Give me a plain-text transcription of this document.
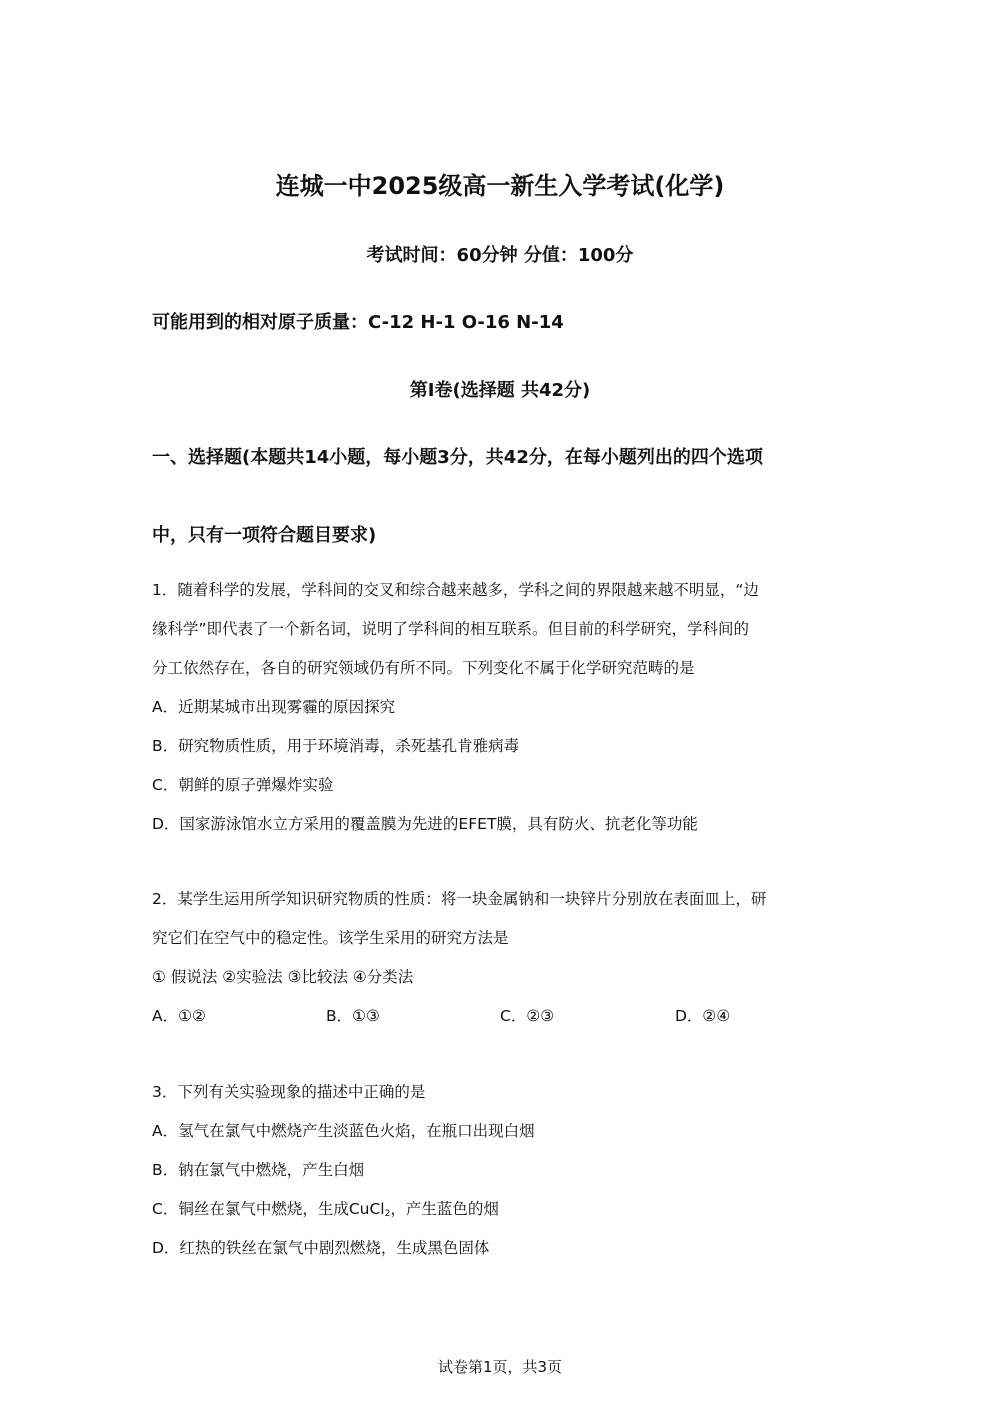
连城一中2025级高一新生入学考试(化学)
考试时间：60分钟 分值：100分
可能用到的相对原子质量：C-12 H-1 O-16 N-14
第Ⅰ卷(选择题 共42分)
一、选择题(本题共14小题，每小题3分，共42分，在每小题列出的四个选项
中，只有一项符合题目要求)
1．随着科学的发展，学科间的交叉和综合越来越多，学科之间的界限越来越不明显，“边
缘科学”即代表了一个新名词，说明了学科间的相互联系。但目前的科学研究，学科间的
分工依然存在，各自的研究领域仍有所不同。下列变化不属于化学研究范畴的是
A．近期某城市出现雾霾的原因探究
B．研究物质性质，用于环境消毒，杀死基孔肯雅病毒
C．朝鲜的原子弹爆炸实验
D．国家游泳馆水立方采用的覆盖膜为先进的EFET膜，具有防火、抗老化等功能
2．某学生运用所学知识研究物质的性质：将一块金属钠和一块锌片分别放在表面皿上，研
究它们在空气中的稳定性。该学生采用的研究方法是
① 假说法 ②实验法 ③比较法 ④分类法
A．①②	B．①③	C．②③	D．②④
3．下列有关实验现象的描述中正确的是
A．氢气在氯气中燃烧产生淡蓝色火焰，在瓶口出现白烟
B．钠在氯气中燃烧，产生白烟
C．铜丝在氯气中燃烧，生成CuCl$_2$，产生蓝色的烟
D．红热的铁丝在氯气中剧烈燃烧，生成黑色固体
试卷第1页，共3页
